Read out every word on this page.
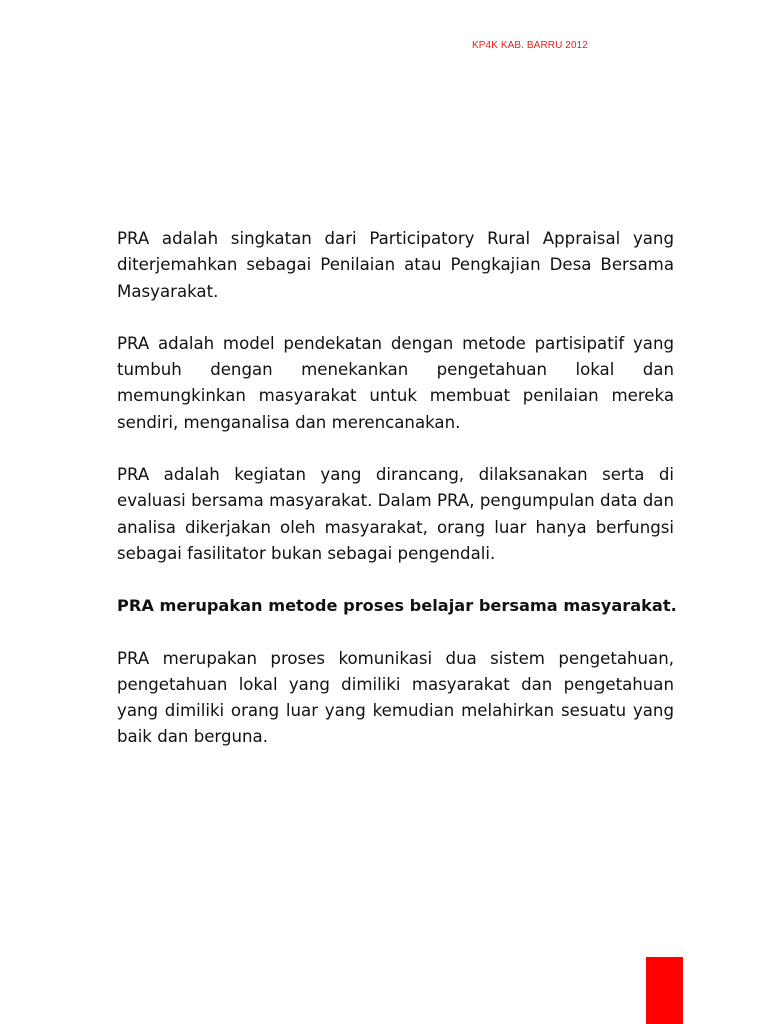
KP4K KAB. BARRU 2012

PRA adalah singkatan dari Participatory Rural Appraisal yang diterjemahkan sebagai Penilaian atau Pengkajian Desa Bersama Masyarakat.

PRA adalah model pendekatan dengan metode partisipatif yang tumbuh dengan menekankan pengetahuan lokal dan memungkinkan masyarakat untuk membuat penilaian mereka sendiri, menganalisa dan merencanakan.

PRA adalah kegiatan yang dirancang, dilaksanakan serta di evaluasi bersama masyarakat. Dalam PRA, pengumpulan data dan analisa dikerjakan oleh masyarakat, orang luar hanya berfungsi sebagai fasilitator bukan sebagai pengendali.

PRA merupakan metode proses belajar bersama masyarakat.

PRA merupakan proses komunikasi dua sistem pengetahuan, pengetahuan lokal yang dimiliki masyarakat dan pengetahuan yang dimiliki orang luar yang kemudian melahirkan sesuatu yang baik dan berguna.
